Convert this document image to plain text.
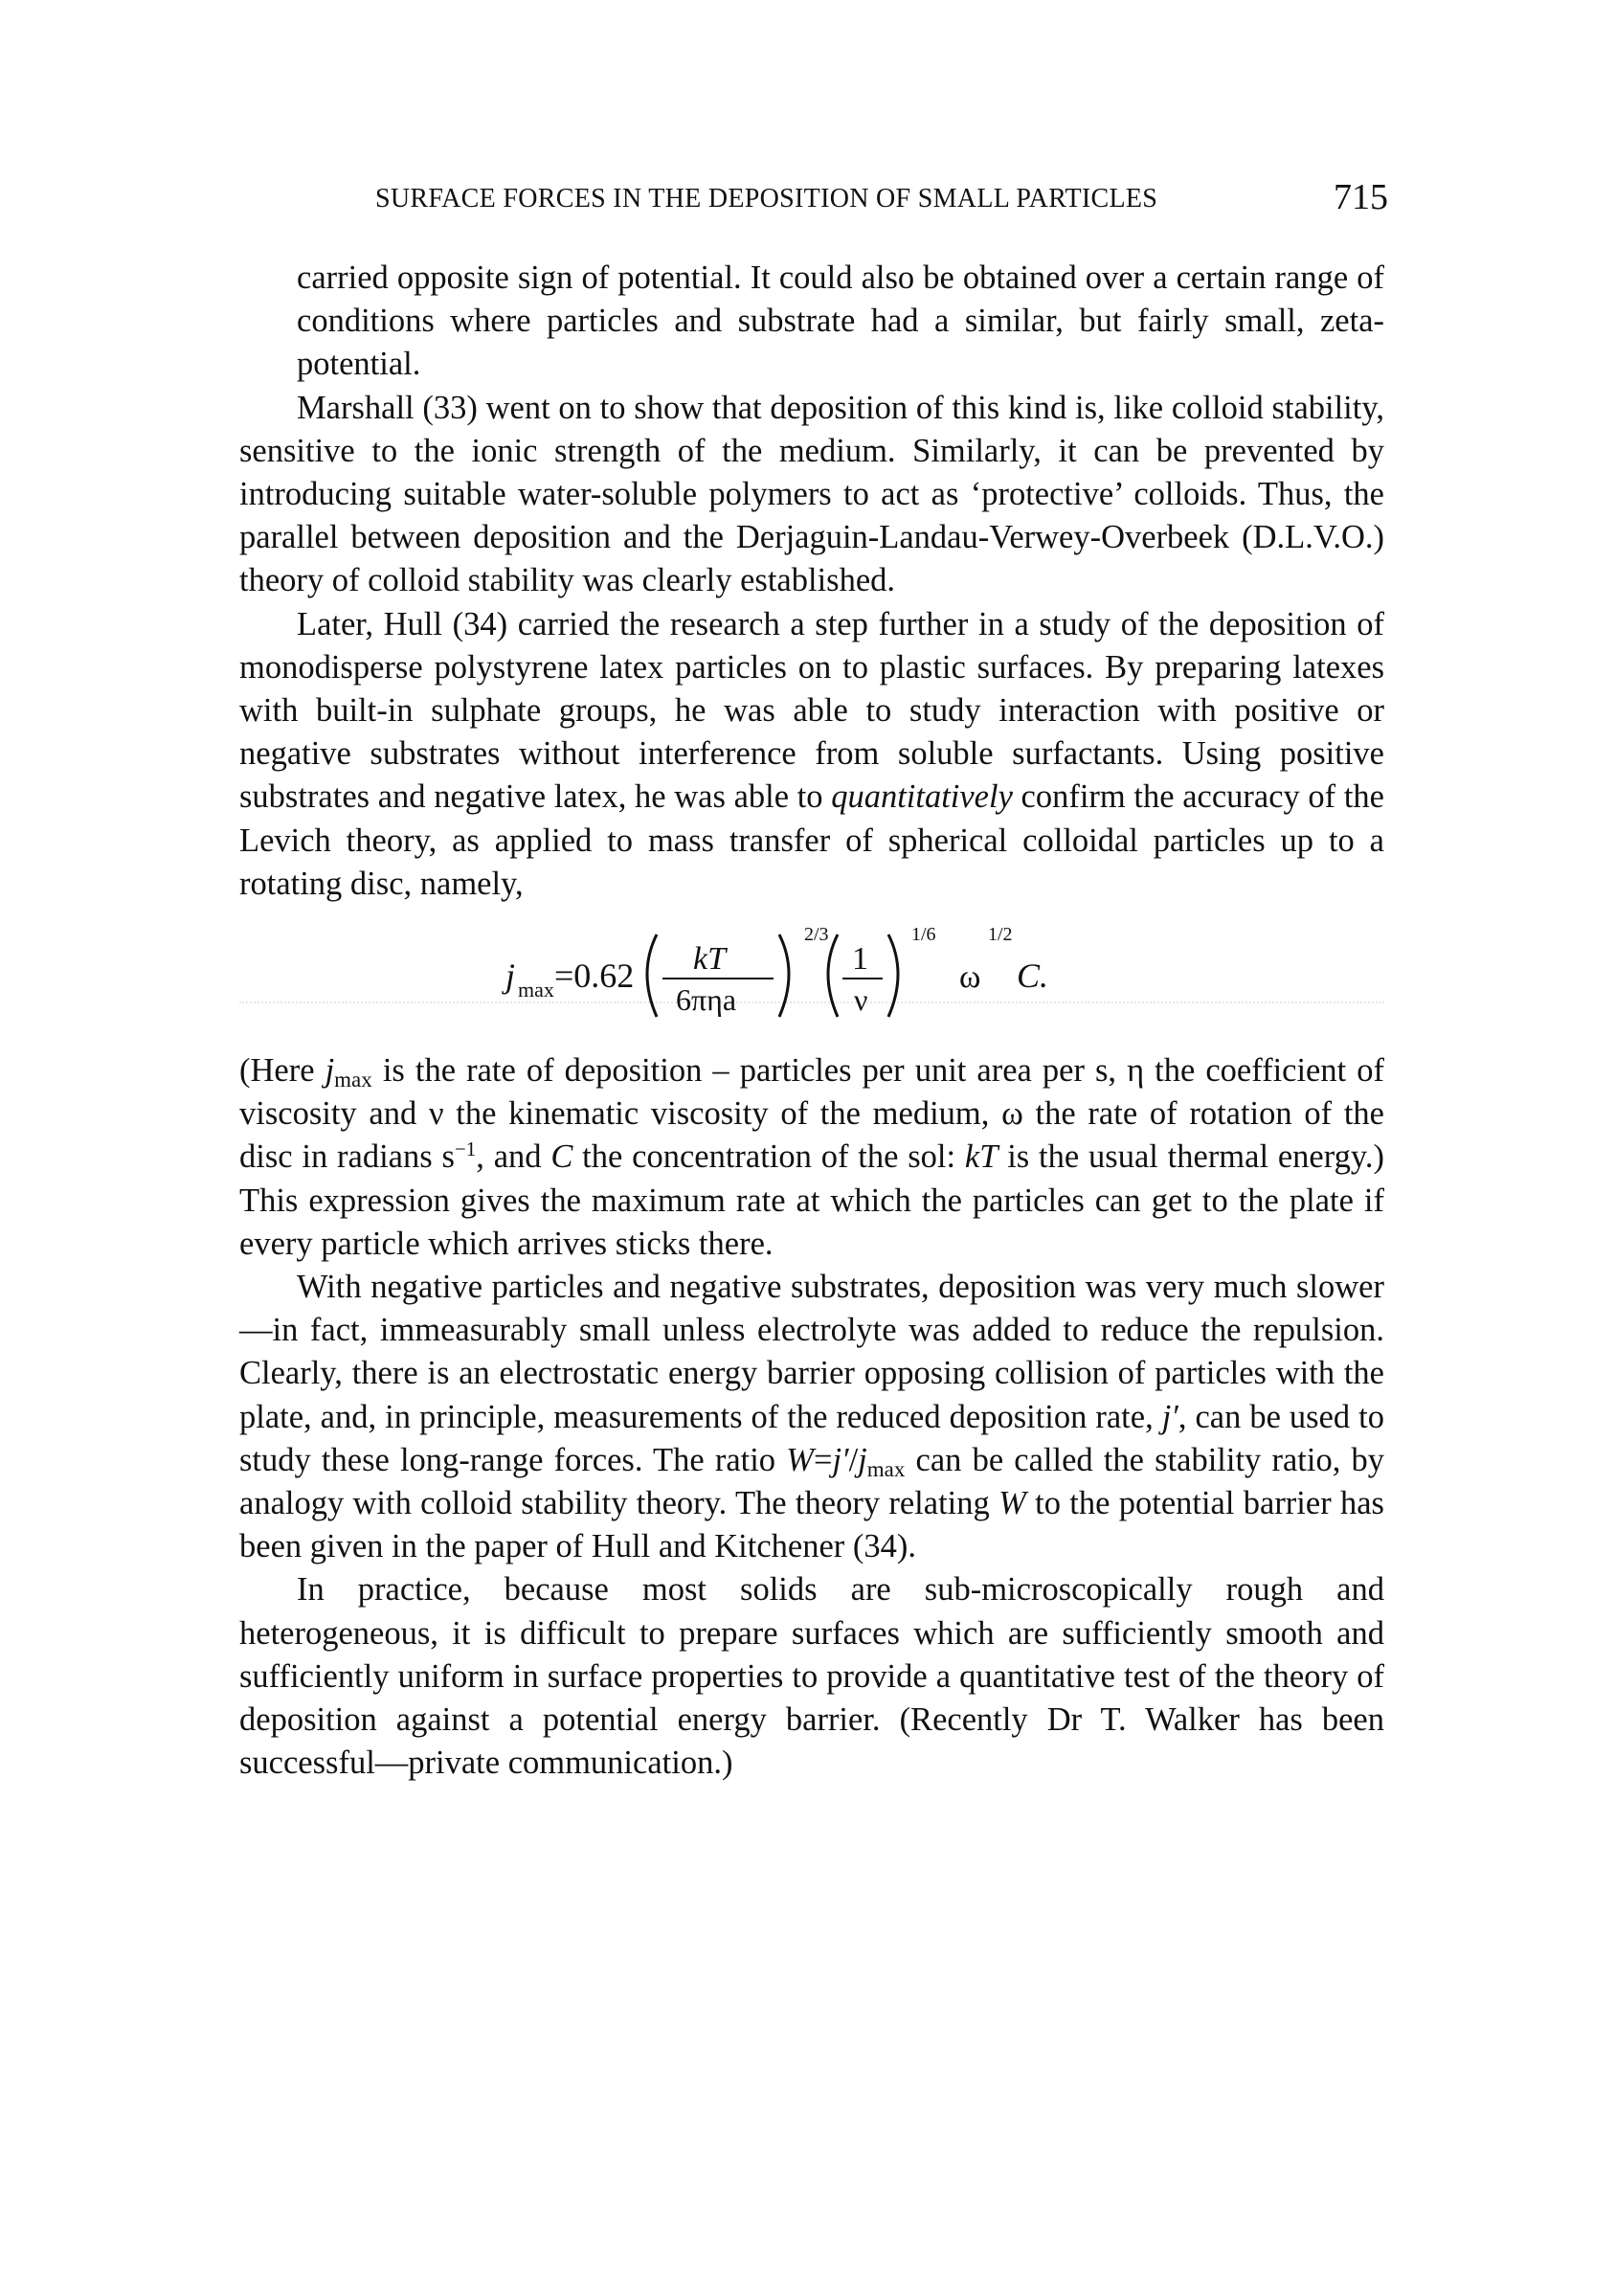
SURFACE FORCES IN THE DEPOSITION OF SMALL PARTICLES	715

carried opposite sign of potential. It could also be obtained over a certain range of conditions where particles and substrate had a similar, but fairly small, zeta-potential.

Marshall (33) went on to show that deposition of this kind is, like colloid stability, sensitive to the ionic strength of the medium. Similarly, it can be prevented by introducing suitable water-soluble polymers to act as ‘protective’ colloids. Thus, the parallel between deposition and the Derjaguin-Landau-Verwey-Overbeek (D.L.V.O.) theory of colloid stability was clearly established.

Later, Hull (34) carried the research a step further in a study of the deposition of monodisperse polystyrene latex particles on to plastic surfaces. By preparing latexes with built-in sulphate groups, he was able to study interaction with positive or negative substrates without interference from soluble surfactants. Using positive substrates and negative latex, he was able to quantitatively confirm the accuracy of the Levich theory, as applied to mass transfer of spherical colloidal particles up to a rotating disc, namely,

j max =0.62 kT
6πηa
2/3
1
ν
1/6
ω
1/2
C.

(Here jmax is the rate of deposition – particles per unit area per s, η the coefficient of viscosity and ν the kinematic viscosity of the medium, ω the rate of rotation of the disc in radians $s^{-1}$, and C the concentration of the sol: kT is the usual thermal energy.) This expression gives the maximum rate at which the particles can get to the plate if every particle which arrives sticks there.

With negative particles and negative substrates, deposition was very much slower—in fact, immeasurably small unless electrolyte was added to reduce the repulsion. Clearly, there is an electrostatic energy barrier opposing collision of particles with the plate, and, in principle, measurements of the reduced deposition rate, j′, can be used to study these long-range forces. The ratio W=j′/jmax can be called the stability ratio, by analogy with colloid stability theory. The theory relating W to the potential barrier has been given in the paper of Hull and Kitchener (34).

In practice, because most solids are sub-microscopically rough and heterogeneous, it is difficult to prepare surfaces which are sufficiently smooth and sufficiently uniform in surface properties to provide a quantitative test of the theory of deposition against a potential energy barrier. (Recently Dr T. Walker has been successful—private communication.)
